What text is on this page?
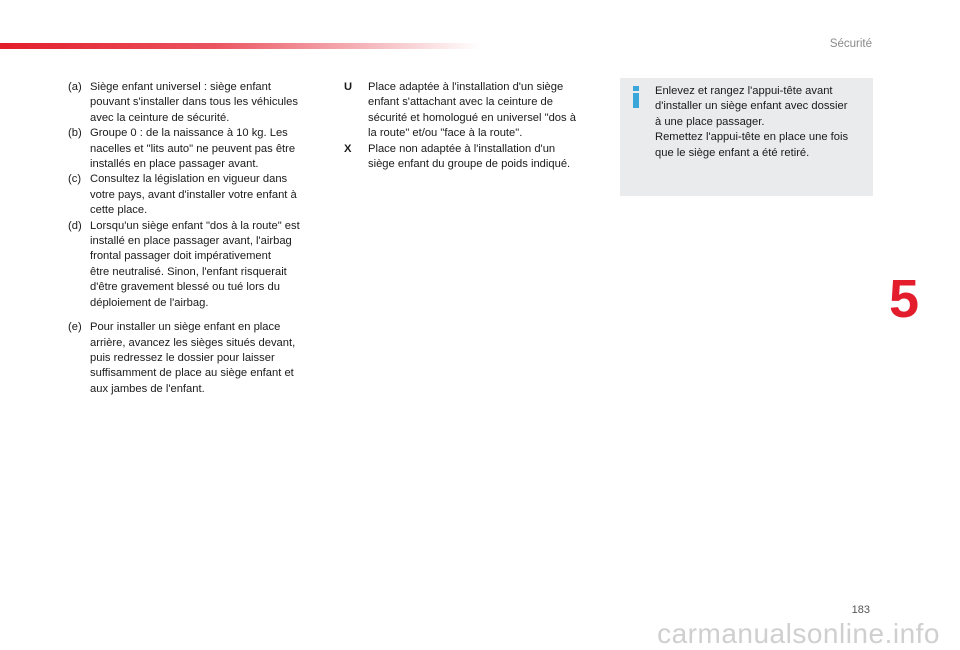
Sécurité
5
(a) Siège enfant universel : siège enfant
pouvant s'installer dans tous les véhicules
avec la ceinture de sécurité.
(b) Groupe 0 : de la naissance à 10 kg. Les
nacelles et "lits auto" ne peuvent pas être
installés en place passager avant.
(c) Consultez la législation en vigueur dans
votre pays, avant d'installer votre enfant à
cette place.
(d) Lorsqu'un siège enfant "dos à la route" est
installé en place passager avant, l'airbag
frontal passager doit impérativement
être neutralisé. Sinon, l'enfant risquerait
d'être gravement blessé ou tué lors du
déploiement de l'airbag.
(e) Pour installer un siège enfant en place
arrière, avancez les sièges situés devant,
puis redressez le dossier pour laisser
suffisamment de place au siège enfant et
aux jambes de l'enfant.
U	Place adaptée à l'installation d'un siège
enfant s'attachant avec la ceinture de
sécurité et homologué en universel "dos à
la route" et/ou "face à la route".
X	Place non adaptée à l'installation d'un
siège enfant du groupe de poids indiqué.
Enlevez et rangez l'appui-tête avant
d'installer un siège enfant avec dossier
à une place passager.
Remettez l'appui-tête en place une fois
que le siège enfant a été retiré.
183
carmanualsonline.info
